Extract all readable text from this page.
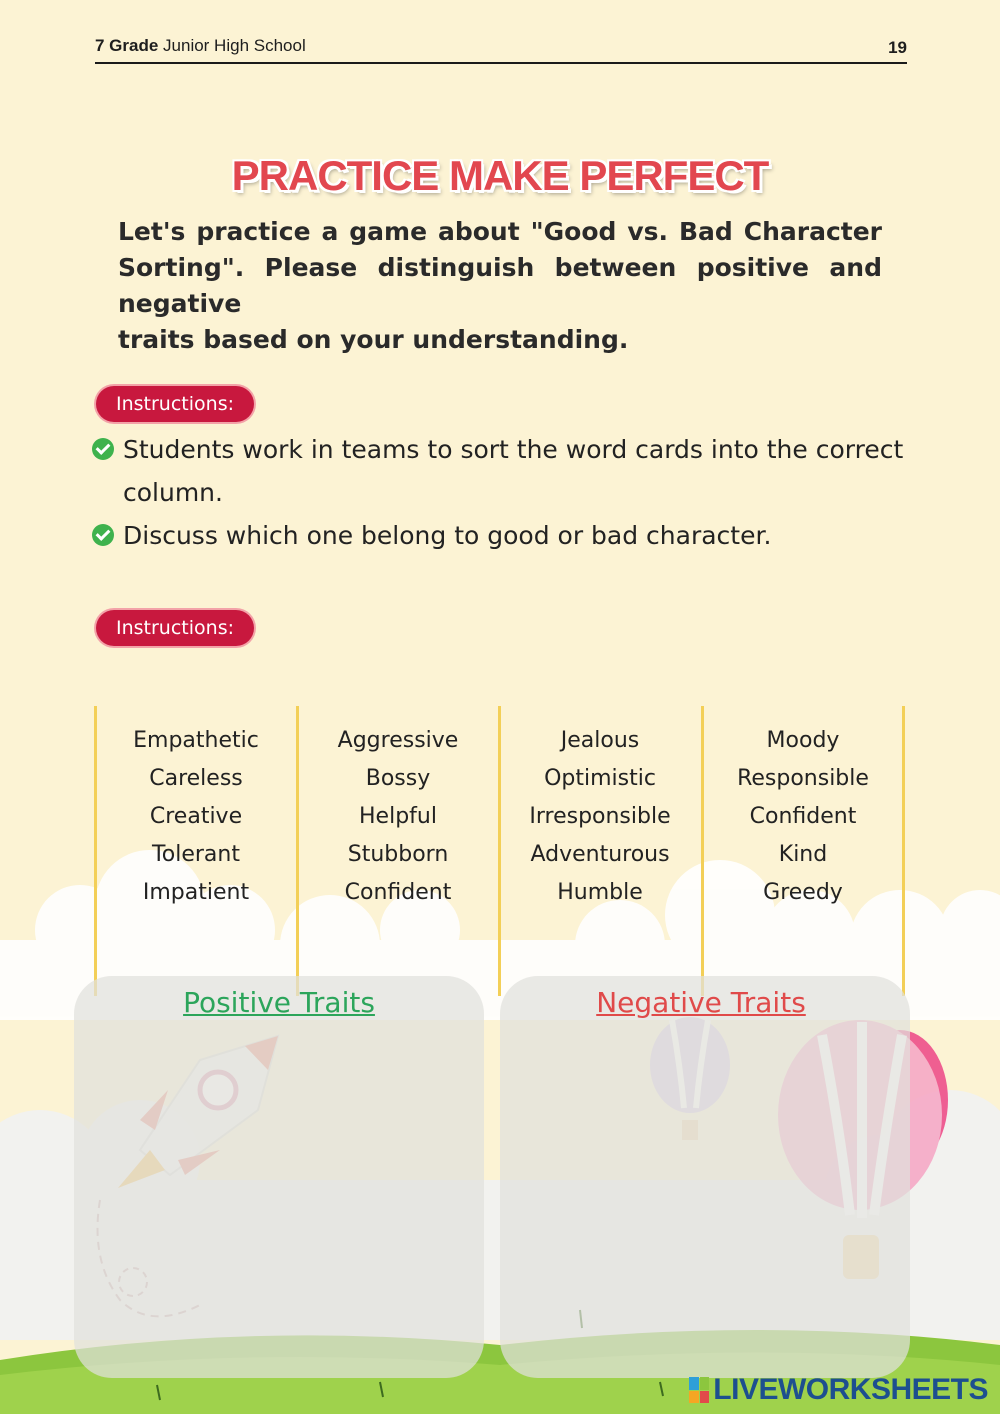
7 Grade Junior High School	19
PRACTICE MAKE PERFECT
Let's practice a game about "Good vs. Bad Character
Sorting". Please distinguish between positive and negative
traits based on your understanding.
Instructions:
Students work in teams to sort the word cards into the correct
column.
Discuss which one belong to good or bad character.
Instructions:
Empathetic
Careless
Creative
Tolerant
Impatient
Aggressive
Bossy
Helpful
Stubborn
Confident
Jealous
Optimistic
Irresponsible
Adventurous
Humble
Moody
Responsible
Confident
Kind
Greedy
Positive Traits	Negative Traits
LIVEWORKSHEETS
